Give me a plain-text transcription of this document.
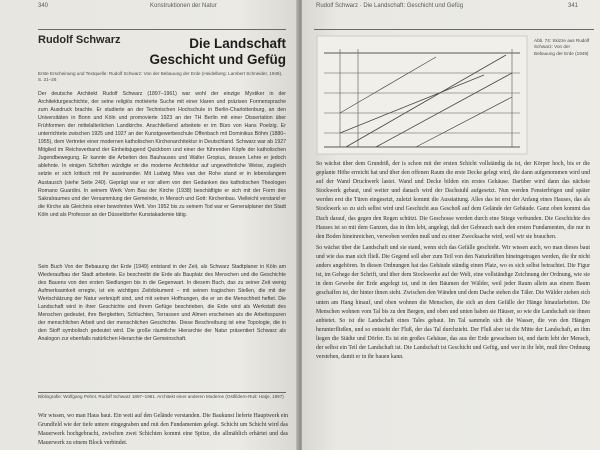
340	Konstruktionen der Natur
Rudolf Schwarz	Die Landschaft
Geschicht und Gefüg
Erste Erscheinung und Textquelle: Rudolf Schwarz: Von der Bebauung der Erde (Heidelberg: Lambert Schneider, 1949), S. 21–26

Der deutsche Architekt Rudolf Schwarz (1897–1961) war wohl der einzige Mystiker in der Architekturgeschichte, der seine religiös motivierte Suche mit einer klaren und präzisen Formensprache zum Ausdruck brachte. Er studierte an der Technischen Hochschule in Berlin-Charlottenburg, an den Universitäten in Bonn und Köln und promovierte 1923 an der TH Berlin mit einer Dissertation über Frühformen der mittelalterlichen Landkirche. Anschließend arbeitete er im Büro von Hans Poelzig. Er unterrichtete zwischen 1925 und 1927 an der Kunstgewerbeschule Offenbach mit Dominikus Böhm (1880–1955), dem Vertreter einer modernen katholischen Kirchenarchitektur in Deutschland. Schwarz war ab 1927 Mitglied im Reichsverband der Einheitsjugend Quickborn und einer der führenden Köpfe der katholischen Jugendbewegung. Er kannte die Arbeiten des Bauhauses und Walter Gropius, dessen Lehre er jedoch ablehnte. In einigen Schriften würdigte er die moderne Architektur auf ungewöhnliche Weise, zugleich setzte er sich kritisch mit ihr auseinander. Mit Ludwig Mies van der Rohe stand er in lebenslangem Austausch (siehe Seite 240). Geprägt war er vor allem von den Gedanken des katholischen Theologen Romano Guardini. In seinem Werk Vom Bau der Kirche (1938) beschäftigte er sich mit der Form des Sakralraumes und der Versammlung der Gemeinde, in Mensch und Gott: Kirchenbau. Vielleicht verstand er die Kirche als Gleichnis einer bewohnten Welt. Von 1952 bis zu seinem Tod war er Generalplaner der Stadt Köln und als Professor an der Düsseldorfer Kunstakademie tätig.

Sein Buch Von der Bebauung der Erde (1949) entstand in der Zeit, als Schwarz Stadtplaner in Köln am Wiederaufbau der Stadt arbeitete. Es beschreibt die Erde als Bauplatz des Menschen und die Geschichte des Bauens von den ersten Siedlungen bis in die Gegenwart. In diesem Buch, das zu seiner Zeit wenig Aufmerksamkeit erregte, ist ein wichtiges Zeitdokument – mit seinen tragischen Stellen, die mit der Wertschätzung der Natur verknüpft sind, und mit seinen Hoffnungen, die er an die Menschheit heftet. Die Landschaft wird in ihrer Geschichte und ihrem Gefüge beschrieben, die Erde wird als Werkstatt des Menschen gedeutet, ihre Bergketten, Schluchten, Terrassen und Almen erscheinen als die Arbeitsspuren der menschlichen Arbeit und der menschlichen Geschichte. Diese Beschreibung ist eine Topologie, die in den Stoff symbolisch gedeutet wird. Die große räumliche Hierarchie der Natur präsentiert Schwarz als Analogon zur ebenfalls natürlichen Hierarchie der Gemeinschaft.

Bibliografie: Wolfgang Pehnt, Rudolf Schwarz 1897–1961. Architekt einer anderen Moderne (Ostfildern-Ruit: Hatje, 1997)

Wir wissen, wo man Haus baut. Ein weit auf den Gelände verstanden. Die Baukunst lieferte Hauptwerk ein Grundfeld wie der tiefe untere eingegraben und mit den Fundamenten gelegt. Schicht um Schicht wird das Mauerwerk hochgebracht, zwischen zwei Schichten kommt eine Spitze, die allmählich erhärtet und das Mauerwerk zu einem Block verbindet.

Rudolf Schwarz · Die Landschaft: Geschicht und Gefüg	341
Abb. 74: Skizze aus Rudolf Schwarz: Von der Bebauung der Erde (1949)

So wächst über dem Grundriß, der is schon mit der ersten Schicht vollständig da ist, der Körper hoch, bis er die geplante Höhe erreicht hat und über den offenen Raum die erste Decke gelegt wird, die dann aufgenommen wird und auf der Wand Druckwerk lastet. Wand und Decke bilden ein erstes Gehäuse. Darüber wird dann das nächste Stockwerk gebaut, und weiter und danach wird der Dachstuhl aufgesetzt. Nun werden Fensterbögen und später werden erst die Türen eingesetzt, zuletzt kommt die Ausstattung. Alles das ist erst der Anfang eines Hauses, das als Stockwerk so zu sich selbst wird und Geschicht aus Geschoß auf dem Gelände der Gebäude. Ganz oben kommt das Dach darauf, das gegen den Regen schützt. Die Geschosse werden durch eine Stiege verbunden. Die Geschichte des Hauses ist so mit dem Ganzen, das in ihm lebt, angelegt, daß der Gebrauch nach den ersten Fundamenten, die nur in den Boden hineinreichen, verwoben werden muß und zu einer Zwecksache wird, weil wir sie brauchen.

So wächst über die Landschaft und sie stand, wenn sich das Gefälle geschieht. Wir wissen auch, wo man dieses baut und wie das man sich fließ. Die Gegend soll aber zum Teil von den Naturkräften hineingetragen werden, die ihr nicht anders angehören. In diesen Ordnungen hat das Gebäude ständig einen Platz, wo es sich selbst betrachtet. Die Figur ist, im Gehege der Schrift, und über dem Stockwerke auf der Welt, eine vollständige Zeichnung der Ordnung, wie sie in dem Gewebe der Erde angelegt ist, und in den Bäumen der Wälder, weil jeder Raum allein aus einem Baum geschaffen ist, der hinter ihnen steht. Zwischen den Wänden und dem Dache stehen die Täler. Die Wälder ziehen sich unten am Hang hinauf, und oben wohnen die Menschen, die sich an dem Gefälle der Hänge hinaufarbeiten. Die Menschen wohnen vom Tal bis zu den Bergen, und oben und unten haben sie Häuser, so wie die Landschaft sie ihnen anbietet. So ist die Landschaft eines Tales gebaut. Im Tal sammeln sich die Wasser, die von den Hängen herunterfließen, und so entsteht der Fluß, der das Tal durchzieht. Der Fluß aber ist die Mitte der Landschaft, an ihm liegen die Städte und Dörfer. Es ist ein großes Gehäuse, das aus der Erde gewachsen ist, und darin lebt der Mensch, der selbst ein Teil der Landschaft ist. Die Landschaft ist Geschicht und Gefüg, und wer in ihr lebt, muß ihre Ordnung verstehen, damit er in ihr bauen kann.
